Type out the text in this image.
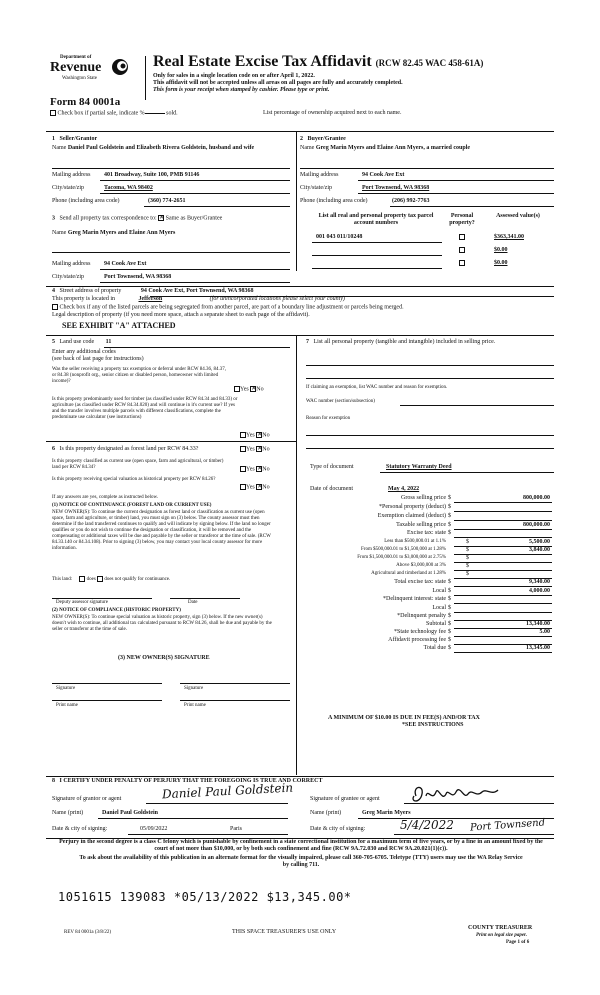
Department of
Revenue
Washington State
Real Estate Excise Tax Affidavit (RCW 82.45 WAC 458-61A)
Only for sales in a single location code on or after April 1, 2022.
This affidavit will not be accepted unless all areas on all pages are fully and accurately completed.
This form is your receipt when stamped by cashier. Please type or print.
Form 84 0001a
Check box if partial sale, indicate %	sold.	List percentage of ownership acquired next to each name.
1   Seller/Grantor
Name Daniel Paul Goldstein and Elizabeth Rivera Goldstein, husband and wife
Mailing address 401 Broadway, Suite 100, PMB 91146
City/state/zip	Tacoma, WA 98402
Phone (including area code)	(360) 774-2651
2   Buyer/Grantee
Name Greg Marin Myers and Elaine Ann Myers, a married couple
Mailing address	94 Cook Ave Ext
City/state/zip	Port Townsend, WA 98368
Phone (including area code)	(206) 992-7763
3 Send all property tax correspondence to: ✕ Same as Buyer/Grantee
Name Greg Marin Myers and Elaine Ann Myers
Mailing address 94 Cook Ave Ext
City/state/zip	Port Townsend, WA 98368
List all real and personal property tax parcel account numbers
Personal property?
Assessed value(s)
001 043 011/10248	$363,341.00
$0.00
$0.00
4 Street address of property	94 Cook Ave Ext, Port Townsend, WA 98368
This property is located in	Jefferson	(for unincorporated locations please select your county)
Check box if any of the listed parcels are being segregated from another parcel, are part of a boundary line adjustment or parcels being merged.
Legal description of property (if you need more space, attach a separate sheet to each page of the affidavit).
SEE EXHIBIT "A" ATTACHED
5 Land use code 11
Enter any additional codes
(see back of last page for instructions)
Was the seller receiving a property tax exemption or deferral under RCW 84.36, 84.37, or 84.38 (nonprofit org., senior citizen or disabled person, homeowner with limited income)?
Yes ✕No
Is this property predominantly used for timber (as classified under RCW 84.34 and 84.33) or agriculture (as classified under RCW 84.34.020) and will continue in it's current use? If yes and the transfer involves multiple parcels with different classifications, complete the predominate use calculator (see instructions)
Yes ✕No
6 Is this property designated as forest land per RCW 84.33?	Yes ✕No
Is this property classified as current use (open space, farm and agricultural, or timber) land per RCW 84.34?	Yes ✕No
Is this property receiving special valuation as historical property per RCW 84.26?
Yes ✕No
If any answers are yes, complete as instructed below.
(1) NOTICE OF CONTINUANCE (FOREST LAND OR CURRENT USE)
NEW OWNER(S): To continue the current designation as forest land or classification as current use (open space, farm and agriculture, or timber) land, you must sign on (3) below. The county assessor must then determine if the land transferred continues to qualify and will indicate by signing below. If the land no longer qualifies or you do not wish to continue the designation or classification, it will be removed and the compensating or additional taxes will be due and payable by the seller or transferor at the time of sale. (RCW 84.33.140 or 84.34.108). Prior to signing (3) below, you may contact your local county assessor for more information.
This land:	does does not qualify for continuance.
Deputy assessor signature	Date
(2) NOTICE OF COMPLIANCE (HISTORIC PROPERTY)
NEW OWNER(S): To continue special valuation as historic property, sign (3) below. If the new owner(s) doesn't wish to continue, all additional tax calculated pursuant to RCW 84.26, shall be due and payable by the seller or transferor at the time of sale.
(3) NEW OWNER(S) SIGNATURE
Signature	Signature
Print name	Print name
7 List all personal property (tangible and intangible) included in selling price.
If claiming an exemption, list WAC number and reason for exemption.
WAC number (section/subsection)
Reason for exemption
Type of document	Statutory Warranty Deed
Date of document	May 4, 2022
Gross selling price $	800,000.00
*Personal property (deduct) $
Exemption claimed (deduct) $
Taxable selling price $	800,000.00
Excise tax: state $
Less than $500,000.01 at 1.1%	$	5,500.00
From $500,000.01 to $1,500,000 at 1.28%	$	3,840.00
From $1,500,000.01 to $3,000,000 at 2.75%	$
Above $3,000,000 at 3%	$
Agricultural and timberland at 1.28%	$
Total excise tax: state $	9,340.00
Local $	4,000.00
*Delinquent interest: state $
Local $
*Delinquent penalty $
Subtotal $	13,340.00
*State technology fee $	5.00
Affidavit processing fee $
Total due $	13,345.00
A MINIMUM OF $10.00 IS DUE IN FEE(S) AND/OR TAX
*SEE INSTRUCTIONS
8 I CERTIFY UNDER PENALTY OF PERJURY THAT THE FOREGOING IS TRUE AND CORRECT
Signature of grantor or agent	Daniel Paul Goldstein	Signature of grantee or agent
Name (print)	Daniel Paul Goldstein	Name (print)	Greg Marin Myers
Date & city of signing:	05/09/2022	Paris	Date & city of signing:	5/4/2022 Port Townsend
Perjury in the second degree is a class C felony which is punishable by confinement in a state correctional institution for a maximum term of five years, or by a fine in an amount fixed by the court of not more than $10,000, or by both such confinement and fine (RCW 9A.72.030 and RCW 9A.20.021(1)(c)).
To ask about the availability of this publication in an alternate format for the visually impaired, please call 360-705-6705. Teletype (TTY) users may use the WA Relay Service by calling 711.
1051615 139083 *05/13/2022 $13,345.00*
REV 84 0001a (3/8/22)	THIS SPACE TREASURER'S USE ONLY
COUNTY TREASURER
Print on legal size paper.
Page 1 of 6
